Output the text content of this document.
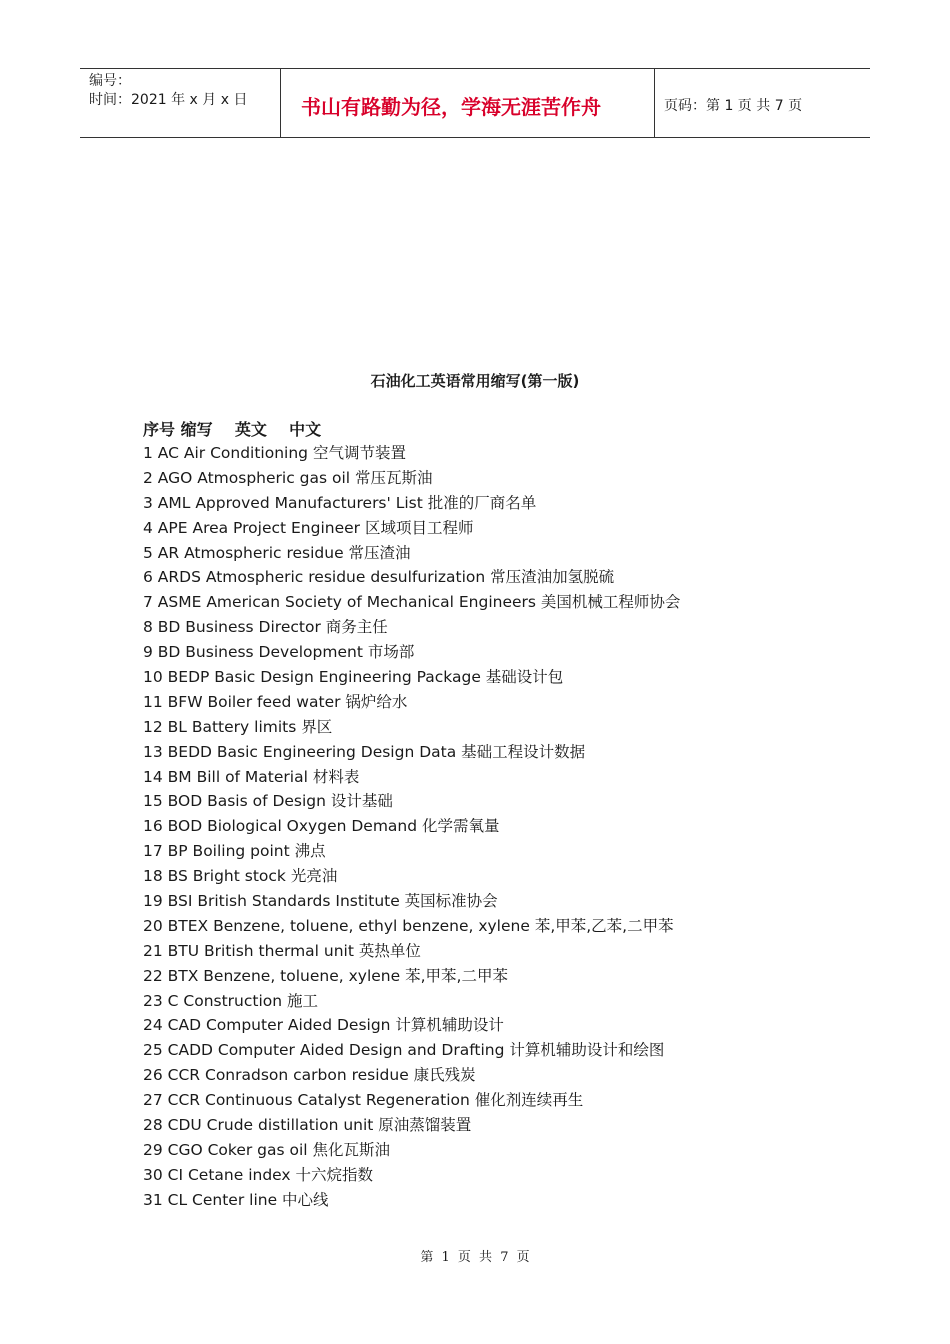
编号：
时间：2021 年 x 月 x 日	书山有路勤为径，学海无涯苦作舟	页码：第 1 页 共 7 页
石油化工英语常用缩写(第一版)
序号 缩写    英文    中文
1 AC Air Conditioning 空气调节装置
2 AGO Atmospheric gas oil 常压瓦斯油
3 AML Approved Manufacturers' List 批准的厂商名单
4 APE Area Project Engineer 区域项目工程师
5 AR Atmospheric residue 常压渣油
6 ARDS Atmospheric residue desulfurization 常压渣油加氢脱硫
7 ASME American Society of Mechanical Engineers 美国机械工程师协会
8 BD Business Director 商务主任
9 BD Business Development 市场部
10 BEDP Basic Design Engineering Package 基础设计包
11 BFW Boiler feed water 锅炉给水
12 BL Battery limits 界区
13 BEDD Basic Engineering Design Data 基础工程设计数据
14 BM Bill of Material 材料表
15 BOD Basis of Design 设计基础
16 BOD Biological Oxygen Demand 化学需氧量
17 BP Boiling point 沸点
18 BS Bright stock 光亮油
19 BSI British Standards Institute 英国标准协会
20 BTEX Benzene, toluene, ethyl benzene, xylene 苯,甲苯,乙苯,二甲苯
21 BTU British thermal unit 英热单位
22 BTX Benzene, toluene, xylene 苯,甲苯,二甲苯
23 C Construction 施工
24 CAD Computer Aided Design 计算机辅助设计
25 CADD Computer Aided Design and Drafting 计算机辅助设计和绘图
26 CCR Conradson carbon residue 康氏残炭
27 CCR Continuous Catalyst Regeneration 催化剂连续再生
28 CDU Crude distillation unit 原油蒸馏装置
29 CGO Coker gas oil 焦化瓦斯油
30 CI Cetane index 十六烷指数
31 CL Center line 中心线
第 1 页 共 7 页
